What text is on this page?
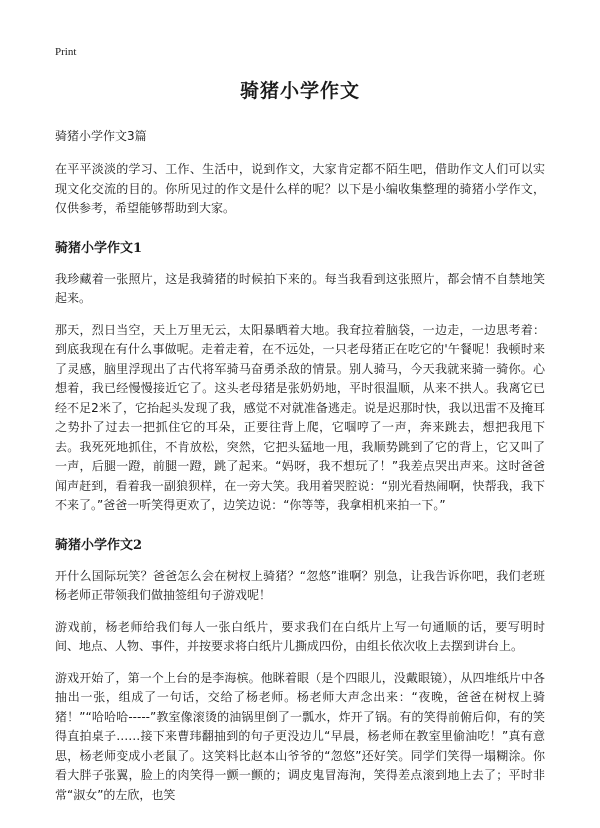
Print
骑猪小学作文
骑猪小学作文3篇

在平平淡淡的学习、工作、生活中，说到作文，大家肯定都不陌生吧，借助作文人们可以实现文化交流的目的。你所见过的作文是什么样的呢？以下是小编收集整理的骑猪小学作文，仅供参考，希望能够帮助到大家。

骑猪小学作文1

我珍藏着一张照片，这是我骑猪的时候拍下来的。每当我看到这张照片，都会情不自禁地笑起来。

那天，烈日当空，天上万里无云，太阳暴晒着大地。我耷拉着脑袋，一边走，一边思考着：到底我现在有什么事做呢。走着走着，在不远处，一只老母猪正在吃它的'午餐呢！我顿时来了灵感，脑里浮现出了古代将军骑马奋勇杀敌的情景。别人骑马，今天我就来骑一骑你。心想着，我已经慢慢接近它了。这头老母猪是张奶奶地，平时很温顺，从来不拱人。我离它已经不足2米了，它抬起头发现了我，感觉不对就准备逃走。说是迟那时快，我以迅雷不及掩耳之势扑了过去一把抓住它的耳朵，正要往背上爬，它啯哼了一声，奔来跳去，想把我甩下去。我死死地抓住，不肯放松，突然，它把头猛地一甩，我顺势跳到了它的背上，它又叫了一声，后腿一蹬，前腿一蹬，跳了起来。“妈呀，我不想玩了！”我差点哭出声来。这时爸爸闻声赶到，看着我一副狼狈样，在一旁大笑。我用着哭腔说：“别光看热闹啊，快帮我，我下不来了。”爸爸一听笑得更欢了，边笑边说：“你等等，我拿相机来拍一下。”

骑猪小学作文2

开什么国际玩笑？爸爸怎么会在树杈上骑猪？“忽悠”谁啊？别急，让我告诉你吧，我们老班杨老师正带领我们做抽签组句子游戏呢！

游戏前，杨老师给我们每人一张白纸片，要求我们在白纸片上写一句通顺的话，要写明时间、地点、人物、事件，并按要求将白纸片儿撕成四份，由组长依次收上去摆到讲台上。

游戏开始了，第一个上台的是李海槟。他眯着眼（是个四眼儿，没戴眼镜），从四堆纸片中各抽出一张，组成了一句话，交给了杨老师。杨老师大声念出来：“夜晚，爸爸在树杈上骑猪！”“哈哈哈-----”教室像滚烫的油锅里倒了一瓢水，炸开了锅。有的笑得前俯后仰，有的笑得直拍桌子……接下来曹玮翻抽到的句子更没边儿“早晨，杨老师在教室里偷油吃！”真有意思，杨老师变成小老鼠了。这笑料比赵本山爷爷的“忽悠”还好笑。同学们笑得一塌糊涂。你看大胖子张翼，脸上的肉笑得一颤一颤的；调皮鬼冒海洵，笑得差点滚到地上去了；平时非常“淑女”的左欣，也笑
